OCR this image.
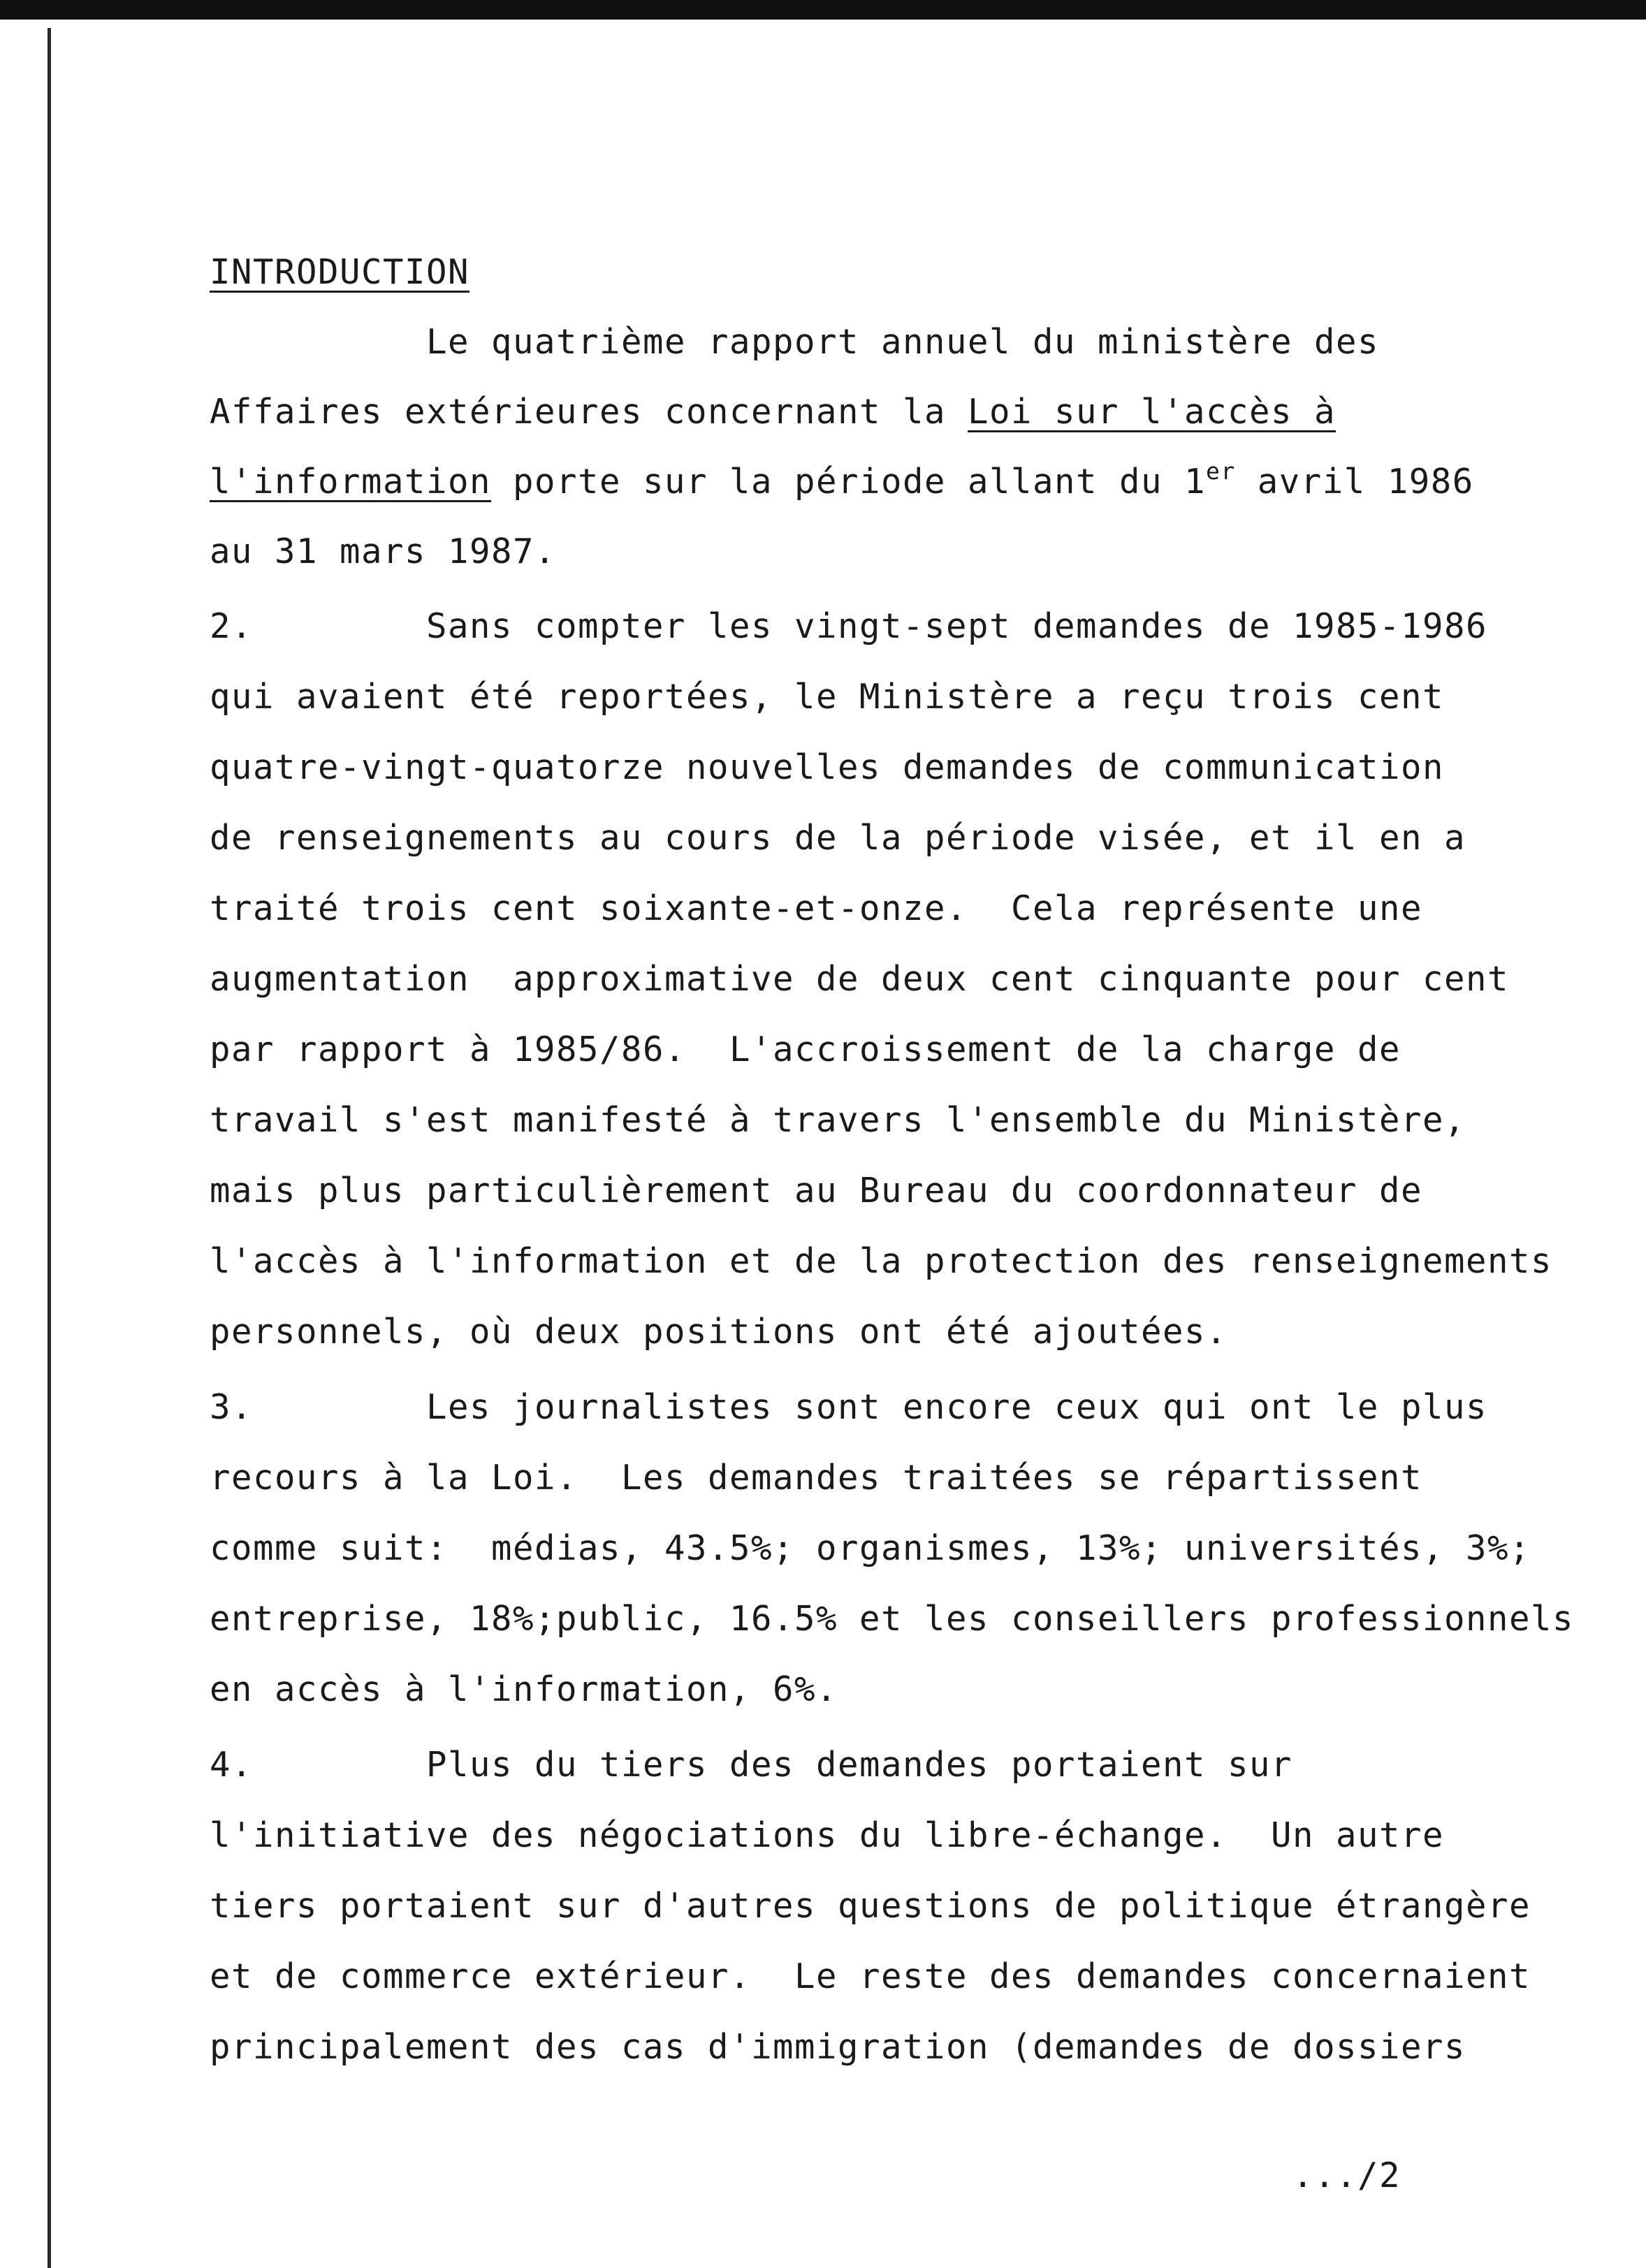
INTRODUCTION
Le quatrième rapport annuel du ministère des
Affaires extérieures concernant la Loi sur l'accès à
l'information porte sur la période allant du 1er avril 1986
au 31 mars 1987.
2.        Sans compter les vingt-sept demandes de 1985-1986
qui avaient été reportées, le Ministère a reçu trois cent
quatre-vingt-quatorze nouvelles demandes de communication
de renseignements au cours de la période visée, et il en a
traité trois cent soixante-et-onze.  Cela représente une
augmentation  approximative de deux cent cinquante pour cent
par rapport à 1985/86.  L'accroissement de la charge de
travail s'est manifesté à travers l'ensemble du Ministère,
mais plus particulièrement au Bureau du coordonnateur de
l'accès à l'information et de la protection des renseignements
personnels, où deux positions ont été ajoutées.
3.        Les journalistes sont encore ceux qui ont le plus
recours à la Loi.  Les demandes traitées se répartissent
comme suit:  médias, 43.5%; organismes, 13%; universités, 3%;
entreprise, 18%;public, 16.5% et les conseillers professionnels
en accès à l'information, 6%.
4.        Plus du tiers des demandes portaient sur
l'initiative des négociations du libre-échange.  Un autre
tiers portaient sur d'autres questions de politique étrangère
et de commerce extérieur.  Le reste des demandes concernaient
principalement des cas d'immigration (demandes de dossiers
.../2
